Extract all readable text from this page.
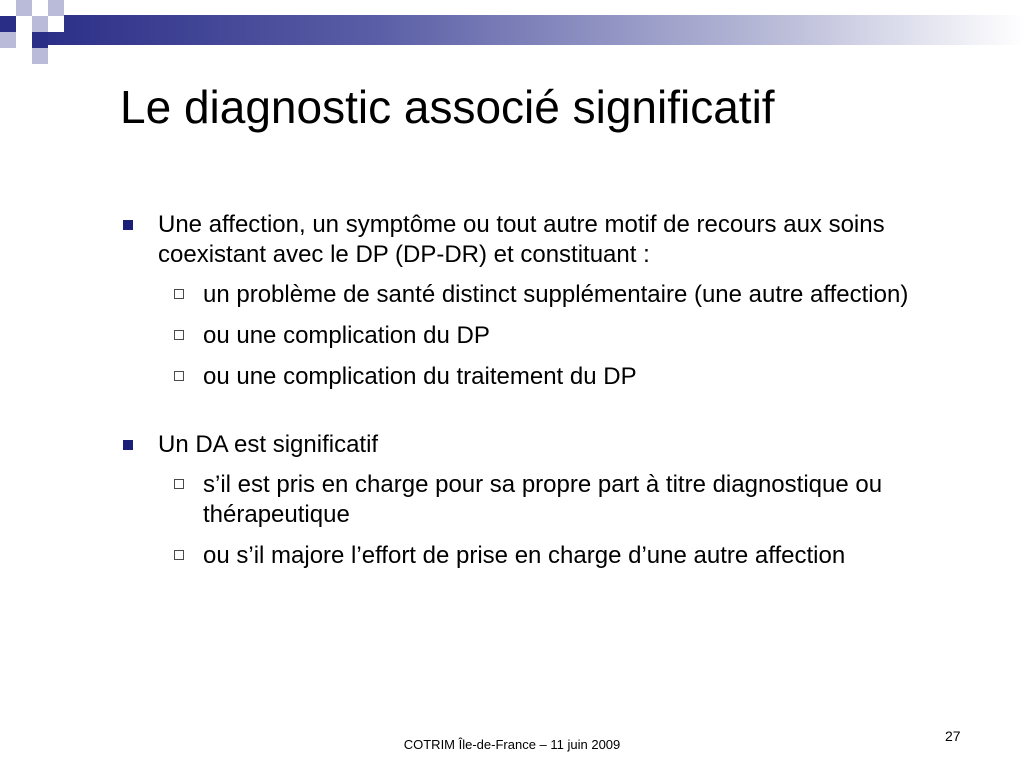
Le diagnostic associé significatif
Une affection, un symptôme ou tout autre motif de recours aux soins coexistant avec le DP (DP-DR) et constituant :
un problème de santé distinct supplémentaire (une autre affection)
ou une complication du DP
ou une complication du traitement du DP
Un DA est significatif
s’il est pris en charge pour sa propre part à titre diagnostique ou thérapeutique
ou s’il majore l’effort de prise en charge d’une autre affection
COTRIM Île-de-France – 11 juin 2009
27
